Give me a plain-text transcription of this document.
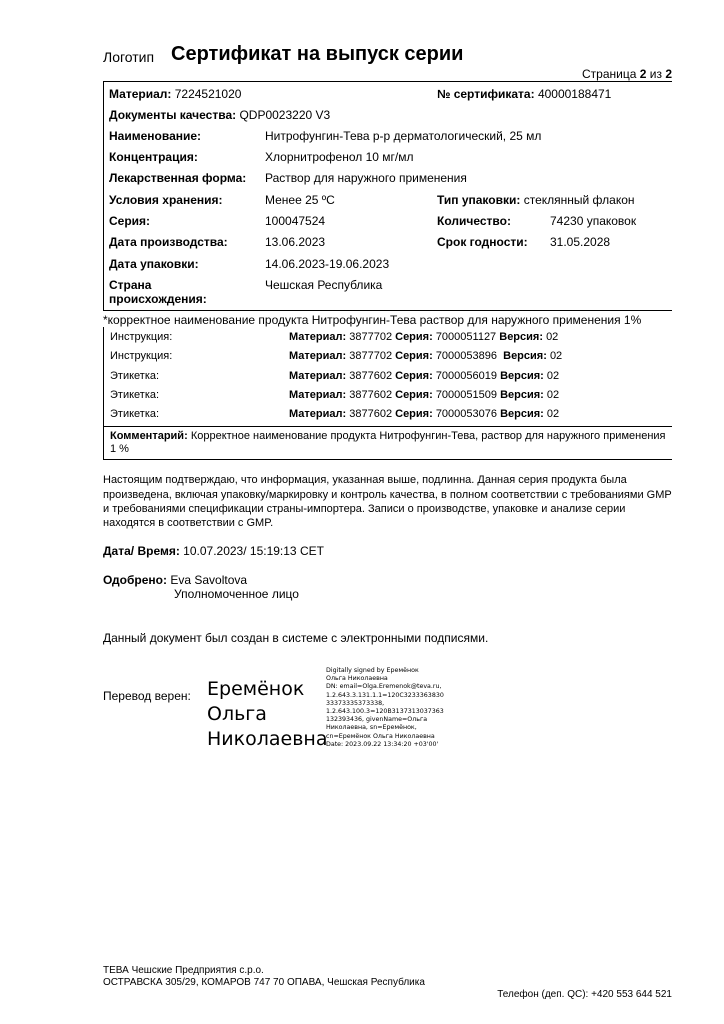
Логотип Сертификат на выпуск серии
Страница 2 из 2
Материал: 7224521020	№ сертификата: 40000188471
Документы качества: QDP0023220 V3
Наименование:	Нитрофунгин-Тева р-р дерматологический, 25 мл
Концентрация:	Хлорнитрофенол 10 мг/мл
Лекарственная форма: Раствор для наружного применения
Условия хранения:	Менее 25 ºC	Тип упаковки: стеклянный флакон
Серия:	100047524	Количество:	74230 упаковок
Дата производства:	13.06.2023	Срок годности: 31.05.2028
Дата упаковки:	14.06.2023-19.06.2023
Страна
происхождения:
Чешская Республика
*корректное наименование продукта Нитрофунгин-Тева раствор для наружного применения 1%
Инструкция:	Материал: 3877702 Серия: 7000051127 Версия: 02
Инструкция:	Материал: 3877702 Серия: 7000053896 Версия: 02
Этикетка:	Материал: 3877602 Серия: 7000056019 Версия: 02
Этикетка:	Материал: 3877602 Серия: 7000051509 Версия: 02
Этикетка:	Материал: 3877602 Серия: 7000053076 Версия: 02
Комментарий: Корректное наименование продукта Нитрофунгин-Тева, раствор для наружного применения
1 %
Настоящим подтверждаю, что информация, указанная выше, подлинна. Данная серия продукта была
произведена, включая упаковку/маркировку и контроль качества, в полном соответствии с требованиями GMP
и требованиями спецификации страны-импортера. Записи о производстве, упаковке и анализе серии
находятся в соответствии с GMP.
Дата/ Время: 10.07.2023/ 15:19:13 CET
Одобрено: Eva Savoltova
Уполномоченное лицо
Данный документ был создан в системе с электронными подписями.
Перевод верен: Ерeмёнок
Ольга
Николаевна
Digitally signed by Ерeмёнок
Ольга Николаевна
DN: email=Olga.Eremenok@teva.ru,
1.2.643.3.131.1.1=120C3233363830
33373335373338,
1.2.643.100.3=120B3137313037363
132393436, givenName=Ольга
Николаевна, sn=Ерeмёнок,
cn=Ерeмёнок Ольга Николаевна
Date: 2023.09.22 13:34:20 +03'00'
ТЕВА Чешские Предприятия с.р.о.
ОСТРАВСКА 305/29, КОМАРОВ 747 70 ОПАВА, Чешская Республика
Телефон (деп. QC): +420 553 644 521
